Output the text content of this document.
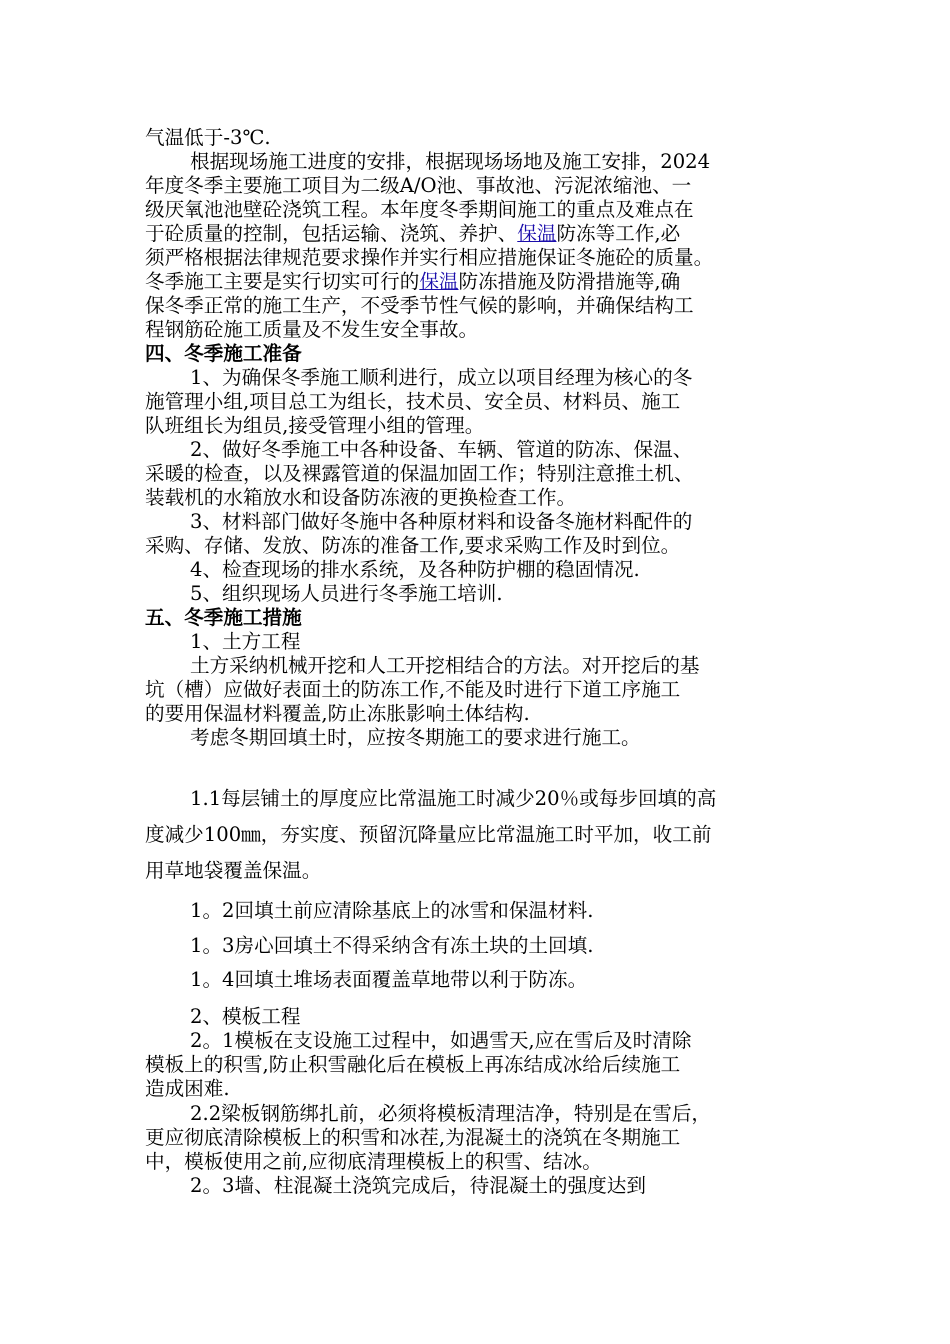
气温低于-3℃.
根据现场施工进度的安排，根据现场场地及施工安排，2024
年度冬季主要施工项目为二级A/O池、事故池、污泥浓缩池、一
级厌氧池池壁砼浇筑工程。本年度冬季期间施工的重点及难点在
于砼质量的控制，包括运输、浇筑、养护、保温防冻等工作,必
须严格根据法律规范要求操作并实行相应措施保证冬施砼的质量。
冬季施工主要是实行切实可行的保温防冻措施及防滑措施等,确
保冬季正常的施工生产，不受季节性气候的影响，并确保结构工
程钢筋砼施工质量及不发生安全事故。
四、冬季施工准备
1、为确保冬季施工顺利进行，成立以项目经理为核心的冬
施管理小组,项目总工为组长，技术员、安全员、材料员、施工
队班组长为组员,接受管理小组的管理。
2、做好冬季施工中各种设备、车辆、管道的防冻、保温、
采暖的检查，以及裸露管道的保温加固工作；特别注意推土机、
装载机的水箱放水和设备防冻液的更换检查工作。
3、材料部门做好冬施中各种原材料和设备冬施材料配件的
采购、存储、发放、防冻的准备工作,要求采购工作及时到位。
4、检查现场的排水系统，及各种防护棚的稳固情况.
5、组织现场人员进行冬季施工培训.
五、冬季施工措施
1、土方工程
土方采纳机械开挖和人工开挖相结合的方法。对开挖后的基
坑（槽）应做好表面土的防冻工作,不能及时进行下道工序施工
的要用保温材料覆盖,防止冻胀影响土体结构.
考虑冬期回填土时，应按冬期施工的要求进行施工。
1.1每层铺土的厚度应比常温施工时减少20％或每步回填的高
度减少100㎜，夯实度、预留沉降量应比常温施工时平加，收工前
用草地袋覆盖保温。
1。2回填土前应清除基底上的冰雪和保温材料.
1。3房心回填土不得采纳含有冻土块的土回填.
1。4回填土堆场表面覆盖草地带以利于防冻。
2、模板工程
2。1模板在支设施工过程中，如遇雪天,应在雪后及时清除
模板上的积雪,防止积雪融化后在模板上再冻结成冰给后续施工
造成困难.
2.2梁板钢筋绑扎前，必须将模板清理洁净，特别是在雪后，
更应彻底清除模板上的积雪和冰茬,为混凝土的浇筑在冬期施工
中，模板使用之前,应彻底清理模板上的积雪、结冰。
2。3墙、柱混凝土浇筑完成后，待混凝土的强度达到
